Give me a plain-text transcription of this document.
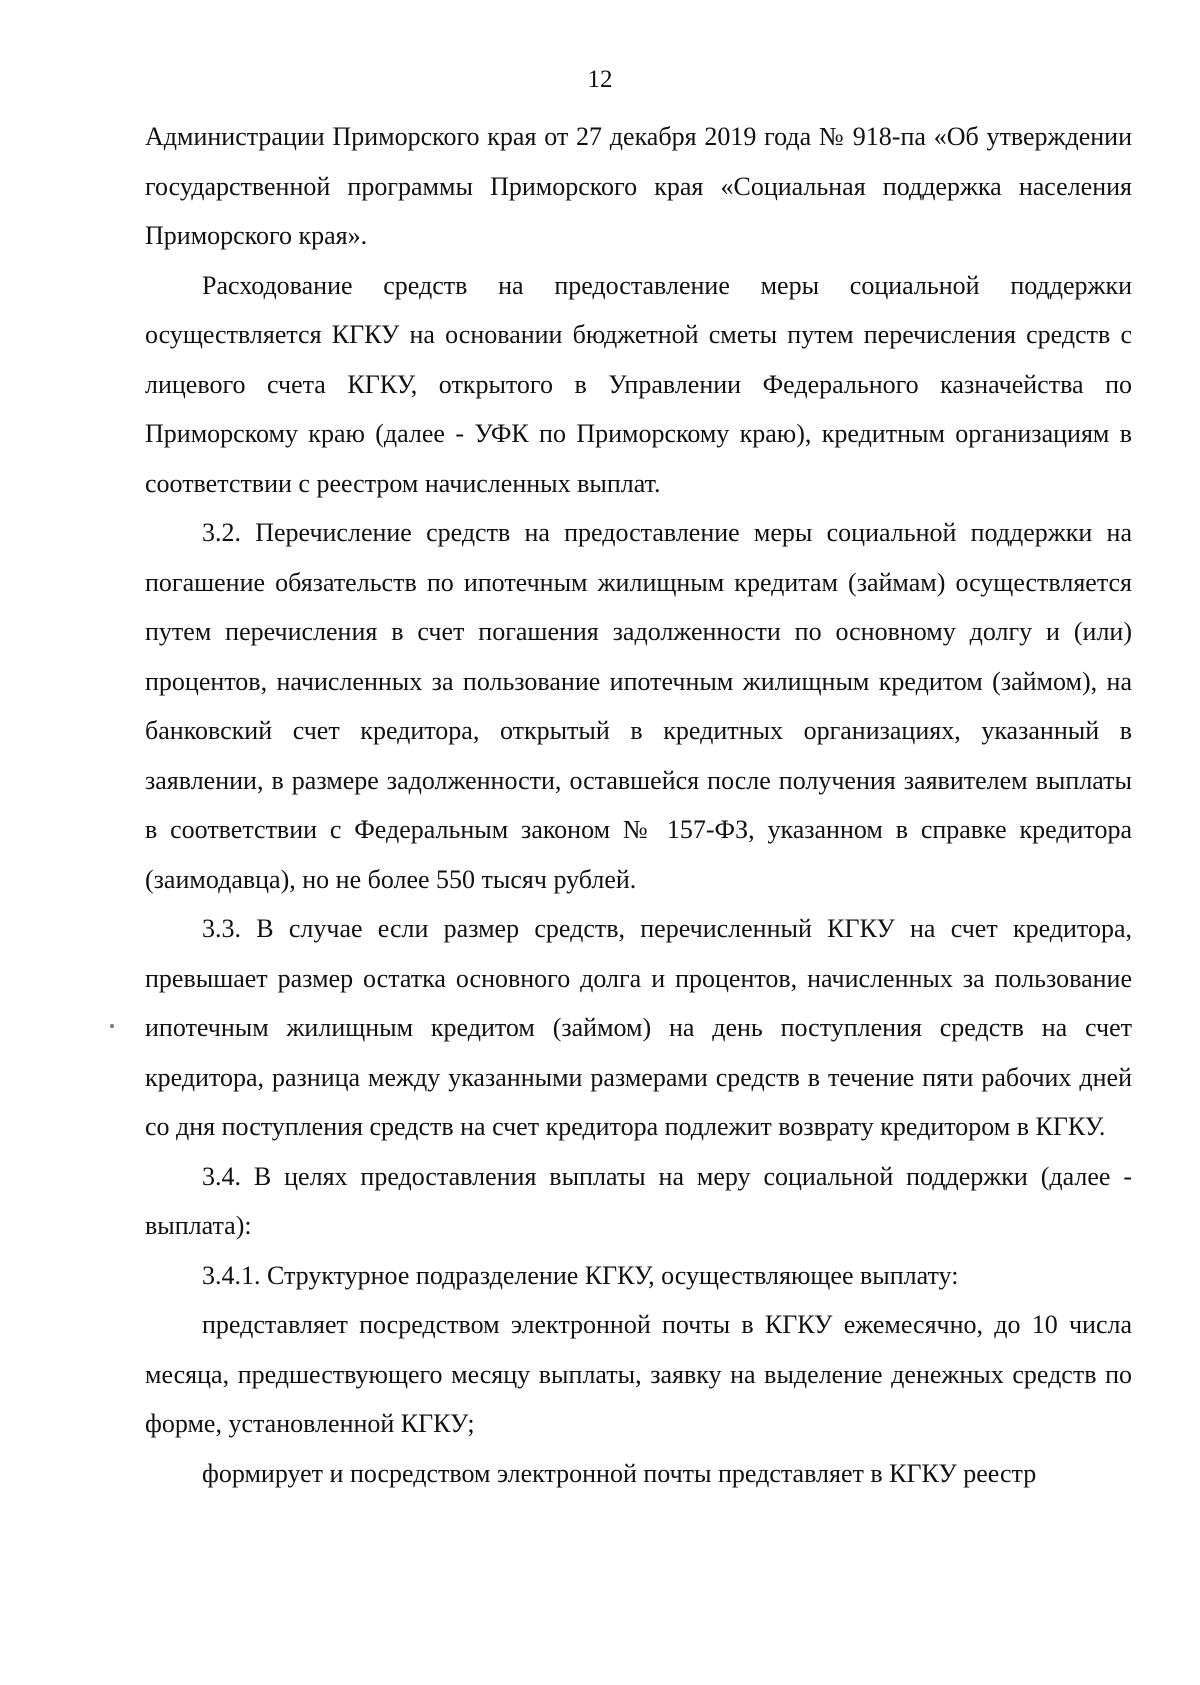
12

Администрации Приморского края от 27 декабря 2019 года № 918-па «Об утверждении государственной программы Приморского края «Социальная поддержка населения Приморского края».

Расходование средств на предоставление меры социальной поддержки осуществляется КГКУ на основании бюджетной сметы путем перечисления средств с лицевого счета КГКУ, открытого в Управлении Федерального казначейства по Приморскому краю (далее - УФК по Приморскому краю), кредитным организациям в соответствии с реестром начисленных выплат.

3.2. Перечисление средств на предоставление меры социальной поддержки на погашение обязательств по ипотечным жилищным кредитам (займам) осуществляется путем перечисления в счет погашения задолженности по основному долгу и (или) процентов, начисленных за пользование ипотечным жилищным кредитом (займом), на банковский счет кредитора, открытый в кредитных организациях, указанный в заявлении, в размере задолженности, оставшейся после получения заявителем выплаты в соответствии с Федеральным законом № 157-ФЗ, указанном в справке кредитора (заимодавца), но не более 550 тысяч рублей.

3.3. В случае если размер средств, перечисленный КГКУ на счет кредитора, превышает размер остатка основного долга и процентов, начисленных за пользование ипотечным жилищным кредитом (займом) на день поступления средств на счет кредитора, разница между указанными размерами средств в течение пяти рабочих дней со дня поступления средств на счет кредитора подлежит возврату кредитором в КГКУ.

3.4. В целях предоставления выплаты на меру социальной поддержки (далее - выплата):

3.4.1. Структурное подразделение КГКУ, осуществляющее выплату:

представляет посредством электронной почты в КГКУ ежемесячно, до 10 числа месяца, предшествующего месяцу выплаты, заявку на выделение денежных средств по форме, установленной КГКУ;

формирует и посредством электронной почты представляет в КГКУ реестр
